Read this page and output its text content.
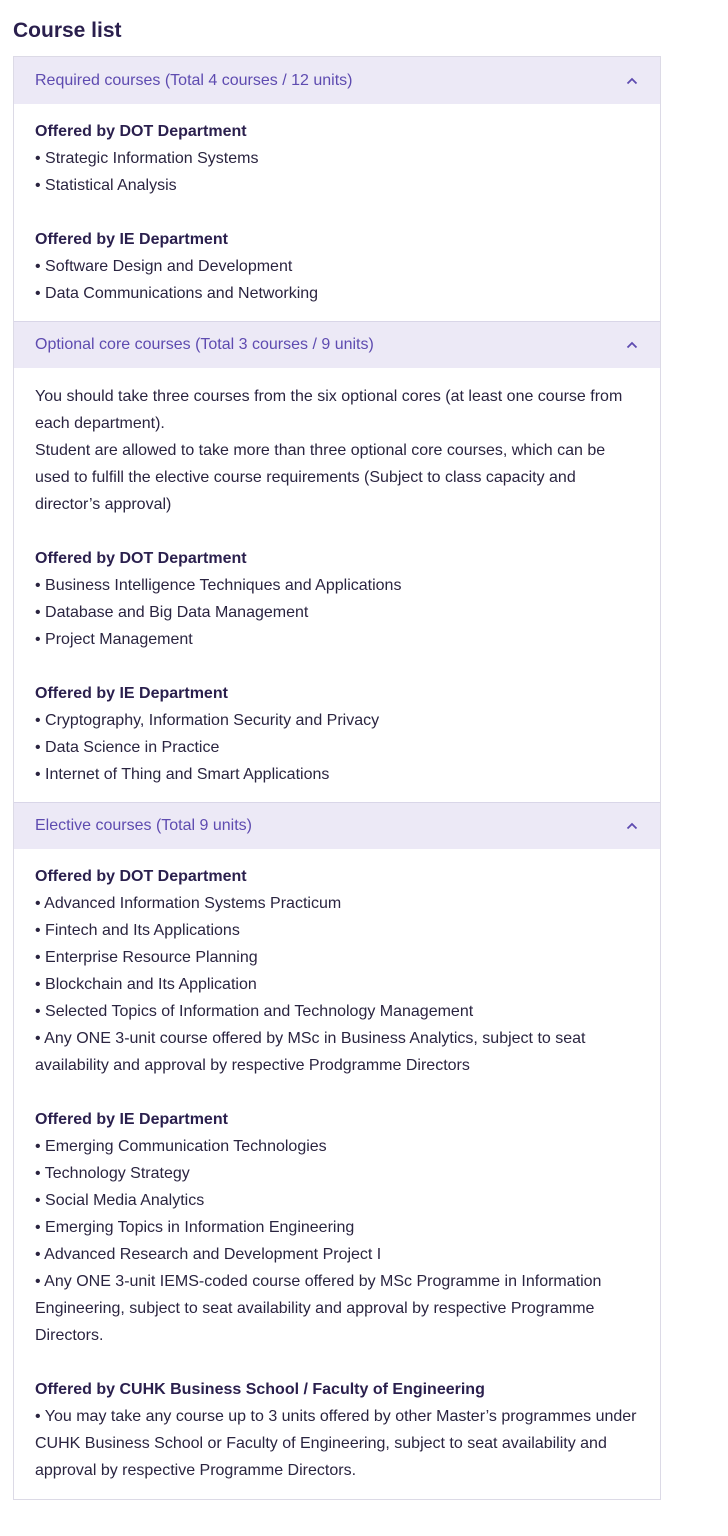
Course list
Required courses (Total 4 courses / 12 units)
Offered by DOT Department
• Strategic Information Systems
• Statistical Analysis
Offered by IE Department
• Software Design and Development
• Data Communications and Networking
Optional core courses (Total 3 courses / 9 units)

You should take three courses from the six optional cores (at least one course from each department).

Student are allowed to take more than three optional core courses, which can be used to fulfill the elective course requirements (Subject to class capacity and director’s approval)

Offered by DOT Department
• Business Intelligence Techniques and Applications
• Database and Big Data Management
• Project Management
Offered by IE Department
• Cryptography, Information Security and Privacy
• Data Science in Practice
• Internet of Thing and Smart Applications
Elective courses (Total 9 units)
Offered by DOT Department
• Advanced Information Systems Practicum
• Fintech and Its Applications
• Enterprise Resource Planning
• Blockchain and Its Application
• Selected Topics of Information and Technology Management
• Any ONE 3-unit course offered by MSc in Business Analytics, subject to seat availability and approval by respective Prodgramme Directors
Offered by IE Department
• Emerging Communication Technologies
• Technology Strategy
• Social Media Analytics
• Emerging Topics in Information Engineering
• Advanced Research and Development Project I
• Any ONE 3-unit IEMS-coded course offered by MSc Programme in Information Engineering, subject to seat availability and approval by respective Programme Directors.
Offered by CUHK Business School / Faculty of Engineering
• You may take any course up to 3 units offered by other Master’s programmes under CUHK Business School or Faculty of Engineering, subject to seat availability and approval by respective Programme Directors.
